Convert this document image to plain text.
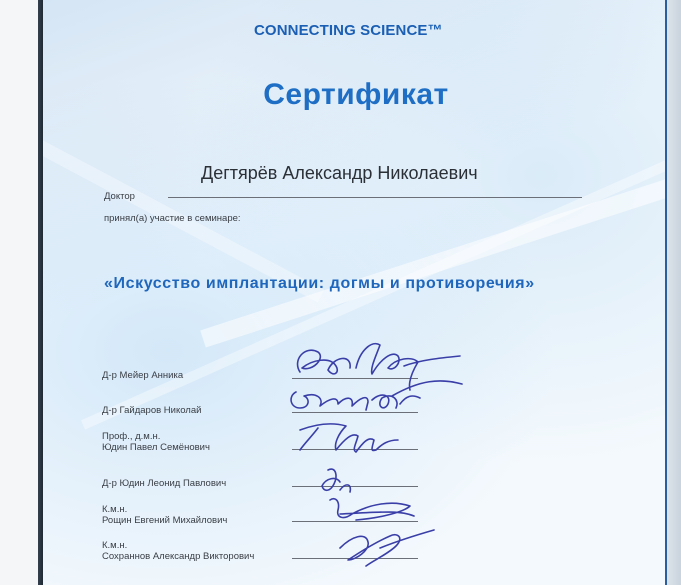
CONNECTING SCIENCE™
Сертификат
Дегтярёв Александр Николаевич
Доктор
принял(а) участие в семинаре:
«Искусство имплантации: догмы и противоречия»
Д-р Мейер Анника
Д-р Гайдаров Николай
Проф., д.м.н.
Юдин Павел Семёнович
Д-р Юдин Леонид Павлович
К.м.н.
Рощин Евгений Михайлович
К.м.н.
Сохраннов Александр Викторович
